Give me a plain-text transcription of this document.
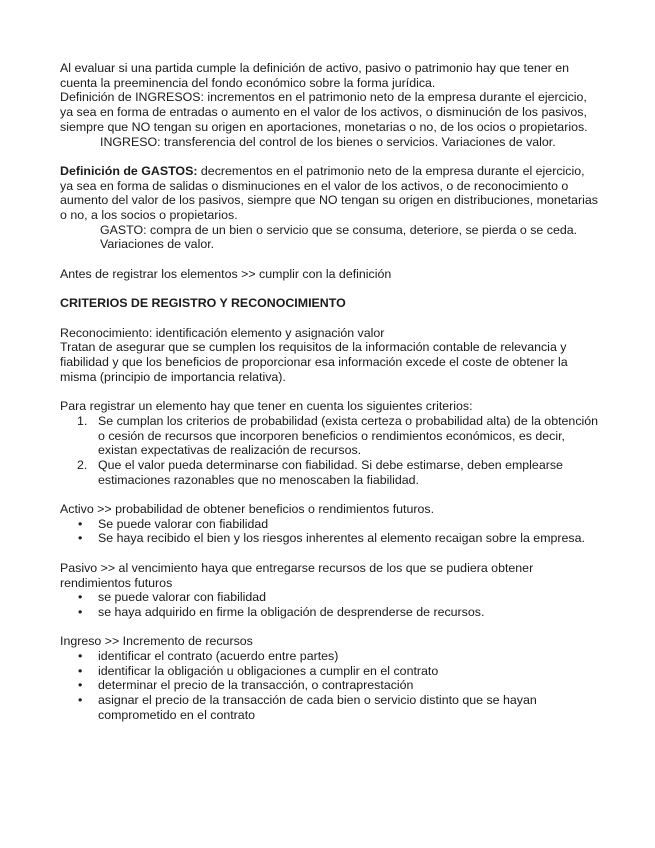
Al evaluar si una partida cumple la definición de activo, pasivo o patrimonio hay que tener en cuenta la preeminencia del fondo económico sobre la forma jurídica.

Definición de INGRESOS: incrementos en el patrimonio neto de la empresa durante el ejercicio, ya sea en forma de entradas o aumento en el valor de los activos, o disminución de los pasivos, siempre que NO tengan su origen en aportaciones, monetarias o no, de los ocios o propietarios.

INGRESO: transferencia del control de los bienes o servicios. Variaciones de valor.

Definición de GASTOS: decrementos en el patrimonio neto de la empresa durante el ejercicio, ya sea en forma de salidas o disminuciones en el valor de los activos, o de reconocimiento o aumento del valor de los pasivos, siempre que NO tengan su origen en distribuciones, monetarias o no, a los socios o propietarios.

GASTO: compra de un bien o servicio que se consuma, deteriore, se pierda o se ceda. Variaciones de valor.

Antes de registrar los elementos >> cumplir con la definición

CRITERIOS DE REGISTRO Y RECONOCIMIENTO

Reconocimiento: identificación elemento y asignación valor

Tratan de asegurar que se cumplen los requisitos de la información contable de relevancia y fiabilidad y que los beneficios de proporcionar esa información excede el coste de obtener la misma (principio de importancia relativa).

Para registrar un elemento hay que tener en cuenta los siguientes criterios:

1. Se cumplan los criterios de probabilidad (exista certeza o probabilidad alta) de la obtención o cesión de recursos que incorporen beneficios o rendimientos económicos, es decir, existan expectativas de realización de recursos.
2. Que el valor pueda determinarse con fiabilidad. Si debe estimarse, deben emplearse estimaciones razonables que no menoscaben la fiabilidad.

Activo >> probabilidad de obtener beneficios o rendimientos futuros.

• Se puede valorar con fiabilidad
• Se haya recibido el bien y los riesgos inherentes al elemento recaigan sobre la empresa.

Pasivo >> al vencimiento haya que entregarse recursos de los que se pudiera obtener rendimientos futuros

• se puede valorar con fiabilidad
• se haya adquirido en firme la obligación de desprenderse de recursos.

Ingreso >> Incremento de recursos

• identificar el contrato (acuerdo entre partes)
• identificar la obligación u obligaciones a cumplir en el contrato
• determinar el precio de la transacción, o contraprestación
• asignar el precio de la transacción de cada bien o servicio distinto que se hayan comprometido en el contrato
